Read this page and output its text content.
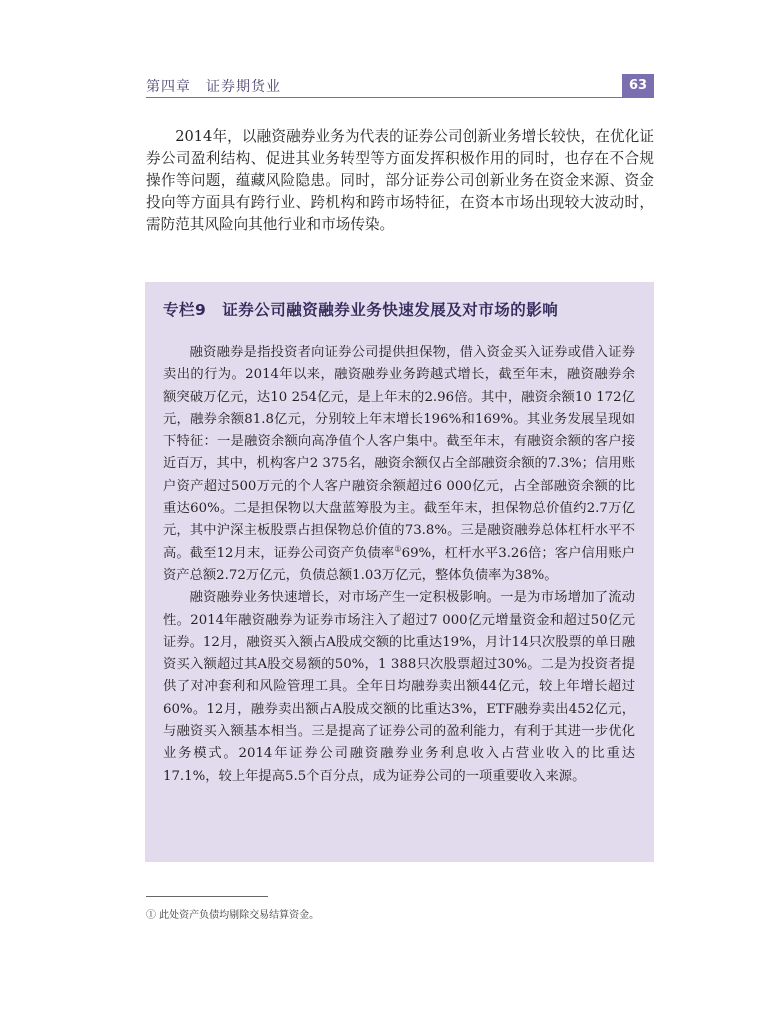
第四章　证券期货业	63

2014年，以融资融券业务为代表的证券公司创新业务增长较快，在优化证券公司盈利结构、促进其业务转型等方面发挥积极作用的同时，也存在不合规操作等问题，蕴藏风险隐患。同时，部分证券公司创新业务在资金来源、资金投向等方面具有跨行业、跨机构和跨市场特征，在资本市场出现较大波动时，需防范其风险向其他行业和市场传染。

专栏9　证券公司融资融券业务快速发展及对市场的影响

融资融券是指投资者向证券公司提供担保物，借入资金买入证券或借入证券卖出的行为。2014年以来，融资融券业务跨越式增长，截至年末，融资融券余额突破万亿元，达10 254亿元，是上年末的2.96倍。其中，融资余额10 172亿元，融券余额81.8亿元，分别较上年末增长196%和169%。其业务发展呈现如下特征：一是融资余额向高净值个人客户集中。截至年末，有融资余额的客户接近百万，其中，机构客户2 375名，融资余额仅占全部融资余额的7.3%；信用账户资产超过500万元的个人客户融资余额超过6 000亿元，占全部融资余额的比重达60%。二是担保物以大盘蓝筹股为主。截至年末，担保物总价值约2.7万亿元，其中沪深主板股票占担保物总价值的73.8%。三是融资融券总体杠杆水平不高。截至12月末，证券公司资产负债率①69%，杠杆水平3.26倍；客户信用账户资产总额2.72万亿元，负债总额1.03万亿元，整体负债率为38%。

融资融券业务快速增长，对市场产生一定积极影响。一是为市场增加了流动性。2014年融资融券为证券市场注入了超过7 000亿元增量资金和超过50亿元证券。12月，融资买入额占A股成交额的比重达19%，月计14只次股票的单日融资买入额超过其A股交易额的50%，1 388只次股票超过30%。二是为投资者提供了对冲套利和风险管理工具。全年日均融券卖出额44亿元，较上年增长超过60%。12月，融券卖出额占A股成交额的比重达3%，ETF融券卖出452亿元，与融资买入额基本相当。三是提高了证券公司的盈利能力，有利于其进一步优化业务模式。2014年证券公司融资融券业务利息收入占营业收入的比重达17.1%，较上年提高5.5个百分点，成为证券公司的一项重要收入来源。

① 此处资产负债均剔除交易结算资金。
